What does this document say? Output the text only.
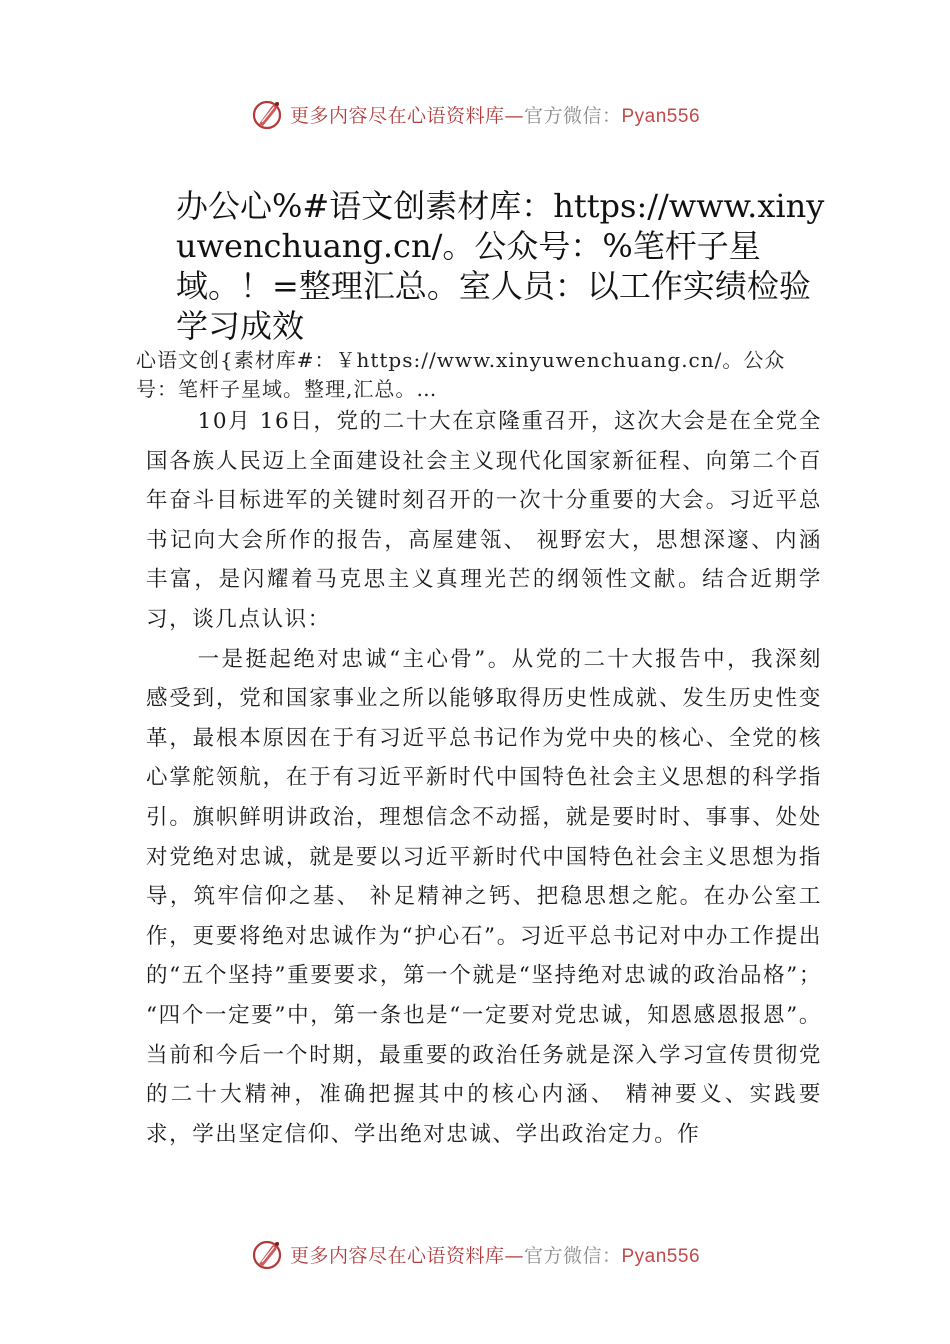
更多内容尽在心语资料库—官方微信：Pyan556
办公心%#语文创素材库：https://www.xinyuwenchuang.cn/。公众号：%笔杆子星域。！=整理汇总。室人员：以工作实绩检验学习成效

心语文创{素材库#：￥https://www.xinyuwenchuang.cn/。公众号：笔杆子星域。整理,汇总。…

10月 16日，党的二十大在京隆重召开，这次大会是在全党全国各族人民迈上全面建设社会主义现代化国家新征程、向第二个百年奋斗目标进军的关键时刻召开的一次十分重要的大会。习近平总书记向大会所作的报告，高屋建瓴、 视野宏大，思想深邃、内涵丰富，是闪耀着马克思主义真理光芒的纲领性文献。结合近期学习，谈几点认识：

一是挺起绝对忠诚“主心骨”。从党的二十大报告中，我深刻感受到，党和国家事业之所以能够取得历史性成就、发生历史性变革，最根本原因在于有习近平总书记作为党中央的核心、全党的核心掌舵领航，在于有习近平新时代中国特色社会主义思想的科学指引。旗帜鲜明讲政治，理想信念不动摇，就是要时时、事事、处处对党绝对忠诚，就是要以习近平新时代中国特色社会主义思想为指导，筑牢信仰之基、 补足精神之钙、把稳思想之舵。在办公室工作，更要将绝对忠诚作为“护心石”。习近平总书记对中办工作提出的“五个坚持”重要要求，第一个就是“坚持绝对忠诚的政治品格”； “四个一定要”中，第一条也是“一定要对党忠诚，知恩感恩报恩”。当前和今后一个时期，最重要的政治任务就是深入学习宣传贯彻党的二十大精神，准确把握其中的核心内涵、 精神要义、实践要求，学出坚定信仰、学出绝对忠诚、学出政治定力。作

更多内容尽在心语资料库—官方微信：Pyan556
